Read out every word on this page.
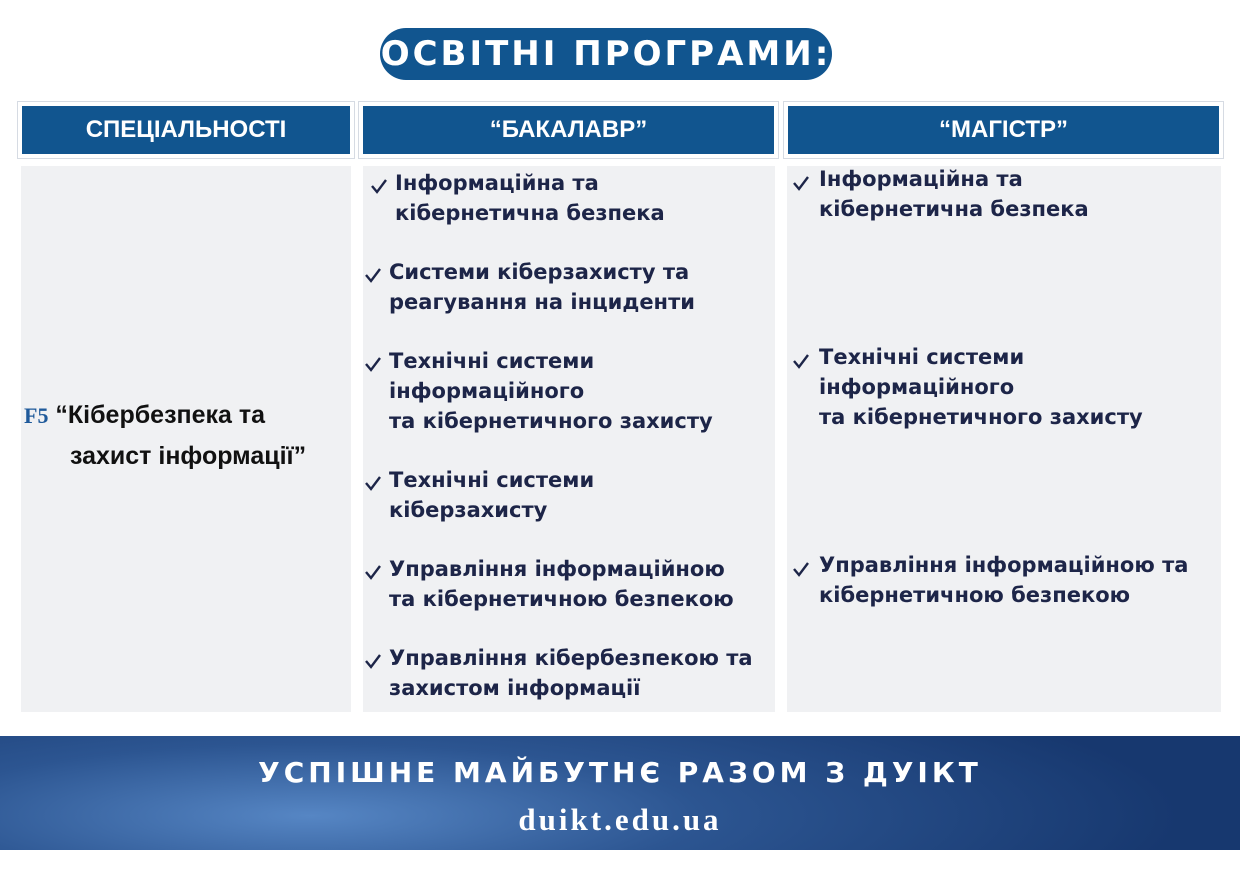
ОСВІТНІ ПРОГРАМИ:
СПЕЦІАЛЬНОСТІ	“БАКАЛАВР”	“МАГІСТР”
F5 “Кібербезпека та
захист інформації”
Інформаційна та
кібернетична безпека
Системи кіберзахисту та
реагування на інциденти
Технічні системи
інформаційного
та кібернетичного захисту
Технічні системи
кіберзахисту
Управління інформаційною
та кібернетичною безпекою
Управління кібербезпекою та
захистом інформації
Інформаційна та
кібернетична безпека
Технічні системи
інформаційного
та кібернетичного захисту
Управління інформаційною та
кібернетичною безпекою
УСПІШНЕ МАЙБУТНЄ РАЗОМ З ДУІКТ
duikt.edu.ua
